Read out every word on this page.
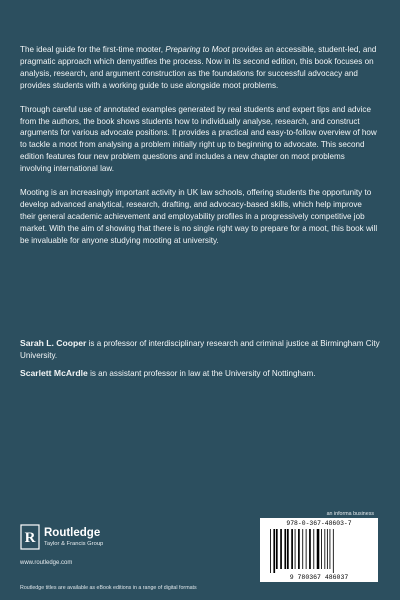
The ideal guide for the first-time mooter, Preparing to Moot provides an accessible, student-led, and pragmatic approach which demystifies the process. Now in its second edition, this book focuses on analysis, research, and argument construction as the foundations for successful advocacy and provides students with a working guide to use alongside moot problems.

Through careful use of annotated examples generated by real students and expert tips and advice from the authors, the book shows students how to individually analyse, research, and construct arguments for various advocate positions. It provides a practical and easy-to-follow overview of how to tackle a moot from analysing a problem initially right up to beginning to advocate. This second edition features four new problem questions and includes a new chapter on moot problems involving international law.

Mooting is an increasingly important activity in UK law schools, offering students the opportunity to develop advanced analytical, research, drafting, and advocacy-based skills, which help improve their general academic achievement and employability profiles in a progressively competitive job market. With the aim of showing that there is no single right way to prepare for a moot, this book will be invaluable for anyone studying mooting at university.

Sarah L. Cooper is a professor of interdisciplinary research and criminal justice at Birmingham City University.

Scarlett McArdle is an assistant professor in law at the University of Nottingham.

an informa business
R Routledge
Taylor & Francis Group
www.routledge.com
978-0-367-48603-7
9 780367 486037
Routledge titles are available as eBook editions in a range of digital formats
